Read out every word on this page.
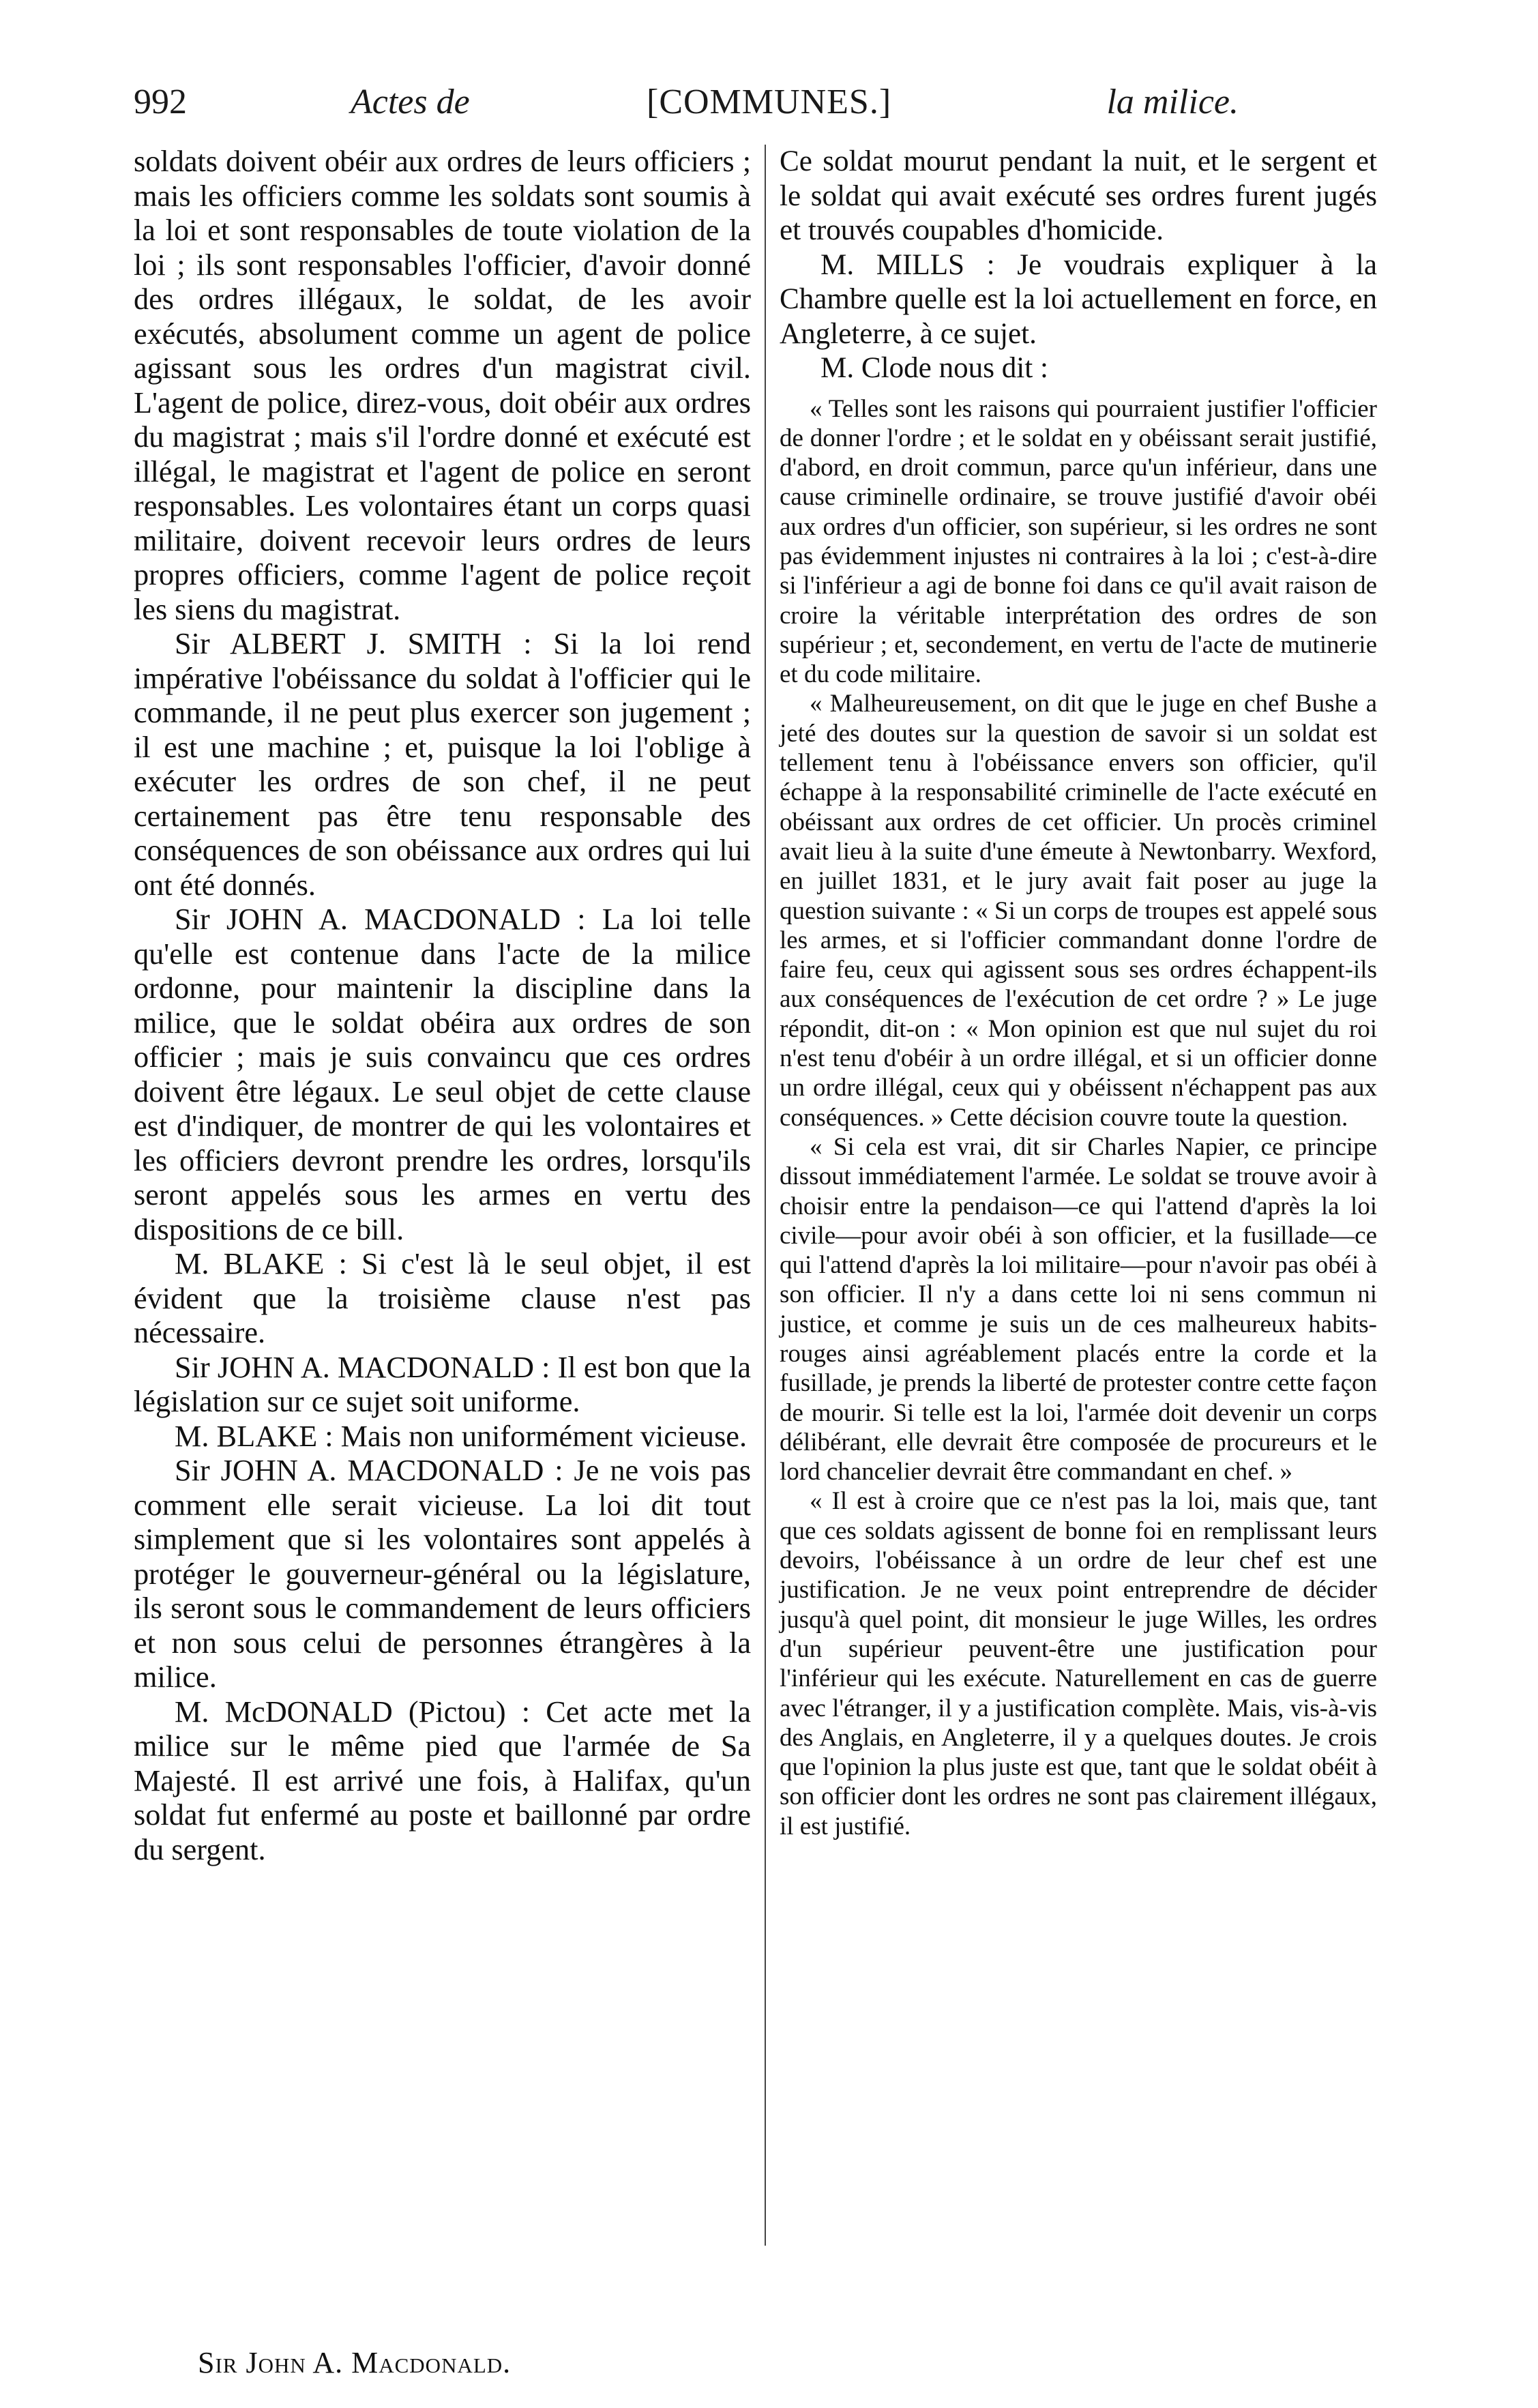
992	Actes de	[COMMUNES.]	la milice.

soldats doivent obéir aux ordres de leurs officiers ; mais les officiers comme les soldats sont soumis à la loi et sont responsables de toute violation de la loi ; ils sont responsables l'officier, d'avoir donné des ordres illégaux, le soldat, de les avoir exécutés, absolument comme un agent de police agissant sous les ordres d'un magistrat civil. L'agent de police, direz-vous, doit obéir aux ordres du magistrat ; mais s'il l'ordre donné et exécuté est illégal, le magistrat et l'agent de police en seront responsables. Les volontaires étant un corps quasi militaire, doivent recevoir leurs ordres de leurs propres officiers, comme l'agent de police reçoit les siens du magistrat.

Sir ALBERT J. SMITH : Si la loi rend impérative l'obéissance du soldat à l'officier qui le commande, il ne peut plus exercer son jugement ; il est une machine ; et, puisque la loi l'oblige à exécuter les ordres de son chef, il ne peut certainement pas être tenu responsable des conséquences de son obéissance aux ordres qui lui ont été donnés.

Sir JOHN A. MACDONALD : La loi telle qu'elle est contenue dans l'acte de la milice ordonne, pour maintenir la discipline dans la milice, que le soldat obéira aux ordres de son officier ; mais je suis convaincu que ces ordres doivent être légaux. Le seul objet de cette clause est d'indiquer, de montrer de qui les volontaires et les officiers devront prendre les ordres, lorsqu'ils seront appelés sous les armes en vertu des dispositions de ce bill.

M. BLAKE : Si c'est là le seul objet, il est évident que la troisième clause n'est pas nécessaire.

Sir JOHN A. MACDONALD : Il est bon que la législation sur ce sujet soit uniforme.

M. BLAKE : Mais non uniformément vicieuse.

Sir JOHN A. MACDONALD : Je ne vois pas comment elle serait vicieuse. La loi dit tout simplement que si les volontaires sont appelés à protéger le gouverneur-général ou la législature, ils seront sous le commandement de leurs officiers et non sous celui de personnes étrangères à la milice.

M. McDONALD (Pictou) : Cet acte met la milice sur le même pied que l'armée de Sa Majesté. Il est arrivé une fois, à Halifax, qu'un soldat fut enfermé au poste et baillonné par ordre du sergent.

Ce soldat mourut pendant la nuit, et le sergent et le soldat qui avait exécuté ses ordres furent jugés et trouvés coupables d'homicide.

M. MILLS : Je voudrais expliquer à la Chambre quelle est la loi actuellement en force, en Angleterre, à ce sujet.

M. Clode nous dit :

« Telles sont les raisons qui pourraient justifier l'officier de donner l'ordre ; et le soldat en y obéissant serait justifié, d'abord, en droit commun, parce qu'un inférieur, dans une cause criminelle ordinaire, se trouve justifié d'avoir obéi aux ordres d'un officier, son supérieur, si les ordres ne sont pas évidemment injustes ni contraires à la loi ; c'est-à-dire si l'inférieur a agi de bonne foi dans ce qu'il avait raison de croire la véritable interprétation des ordres de son supérieur ; et, secondement, en vertu de l'acte de mutinerie et du code militaire.

« Malheureusement, on dit que le juge en chef Bushe a jeté des doutes sur la question de savoir si un soldat est tellement tenu à l'obéissance envers son officier, qu'il échappe à la responsabilité criminelle de l'acte exécuté en obéissant aux ordres de cet officier. Un procès criminel avait lieu à la suite d'une émeute à Newtonbarry. Wexford, en juillet 1831, et le jury avait fait poser au juge la question suivante : « Si un corps de troupes est appelé sous les armes, et si l'officier commandant donne l'ordre de faire feu, ceux qui agissent sous ses ordres échappent-ils aux conséquences de l'exécution de cet ordre ? » Le juge répondit, dit-on : « Mon opinion est que nul sujet du roi n'est tenu d'obéir à un ordre illégal, et si un officier donne un ordre illégal, ceux qui y obéissent n'échappent pas aux conséquences. » Cette décision couvre toute la question.

« Si cela est vrai, dit sir Charles Napier, ce principe dissout immédiatement l'armée. Le soldat se trouve avoir à choisir entre la pendaison—ce qui l'attend d'après la loi civile—pour avoir obéi à son officier, et la fusillade—ce qui l'attend d'après la loi militaire—pour n'avoir pas obéi à son officier. Il n'y a dans cette loi ni sens commun ni justice, et comme je suis un de ces malheureux habits-rouges ainsi agréablement placés entre la corde et la fusillade, je prends la liberté de protester contre cette façon de mourir. Si telle est la loi, l'armée doit devenir un corps délibérant, elle devrait être composée de procureurs et le lord chancelier devrait être commandant en chef. »

« Il est à croire que ce n'est pas la loi, mais que, tant que ces soldats agissent de bonne foi en remplissant leurs devoirs, l'obéissance à un ordre de leur chef est une justification. Je ne veux point entreprendre de décider jusqu'à quel point, dit monsieur le juge Willes, les ordres d'un supérieur peuvent-être une justification pour l'inférieur qui les exécute. Naturellement en cas de guerre avec l'étranger, il y a justification complète. Mais, vis-à-vis des Anglais, en Angleterre, il y a quelques doutes. Je crois que l'opinion la plus juste est que, tant que le soldat obéit à son officier dont les ordres ne sont pas clairement illégaux, il est justifié.

Sir John A. Macdonald.
